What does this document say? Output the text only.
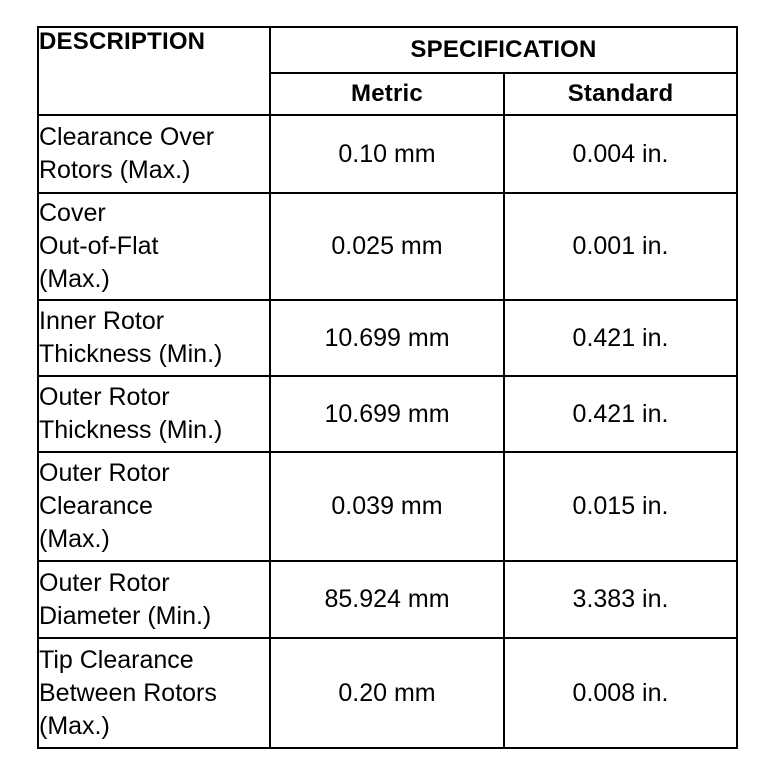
DESCRIPTION	SPECIFICATION	
	Metric	Standard
Clearance Over
Rotors (Max.)	0.10 mm	0.004 in.
Cover
Out-of-Flat
(Max.)	0.025 mm	0.001 in.
Inner Rotor
Thickness (Min.)	10.699 mm	0.421 in.
Outer Rotor
Thickness (Min.)	10.699 mm	0.421 in.
Outer Rotor
Clearance
(Max.)	0.039 mm	0.015 in.
Outer Rotor
Diameter (Min.)	85.924 mm	3.383 in.
Tip Clearance
Between Rotors
(Max.)	0.20 mm	0.008 in.
